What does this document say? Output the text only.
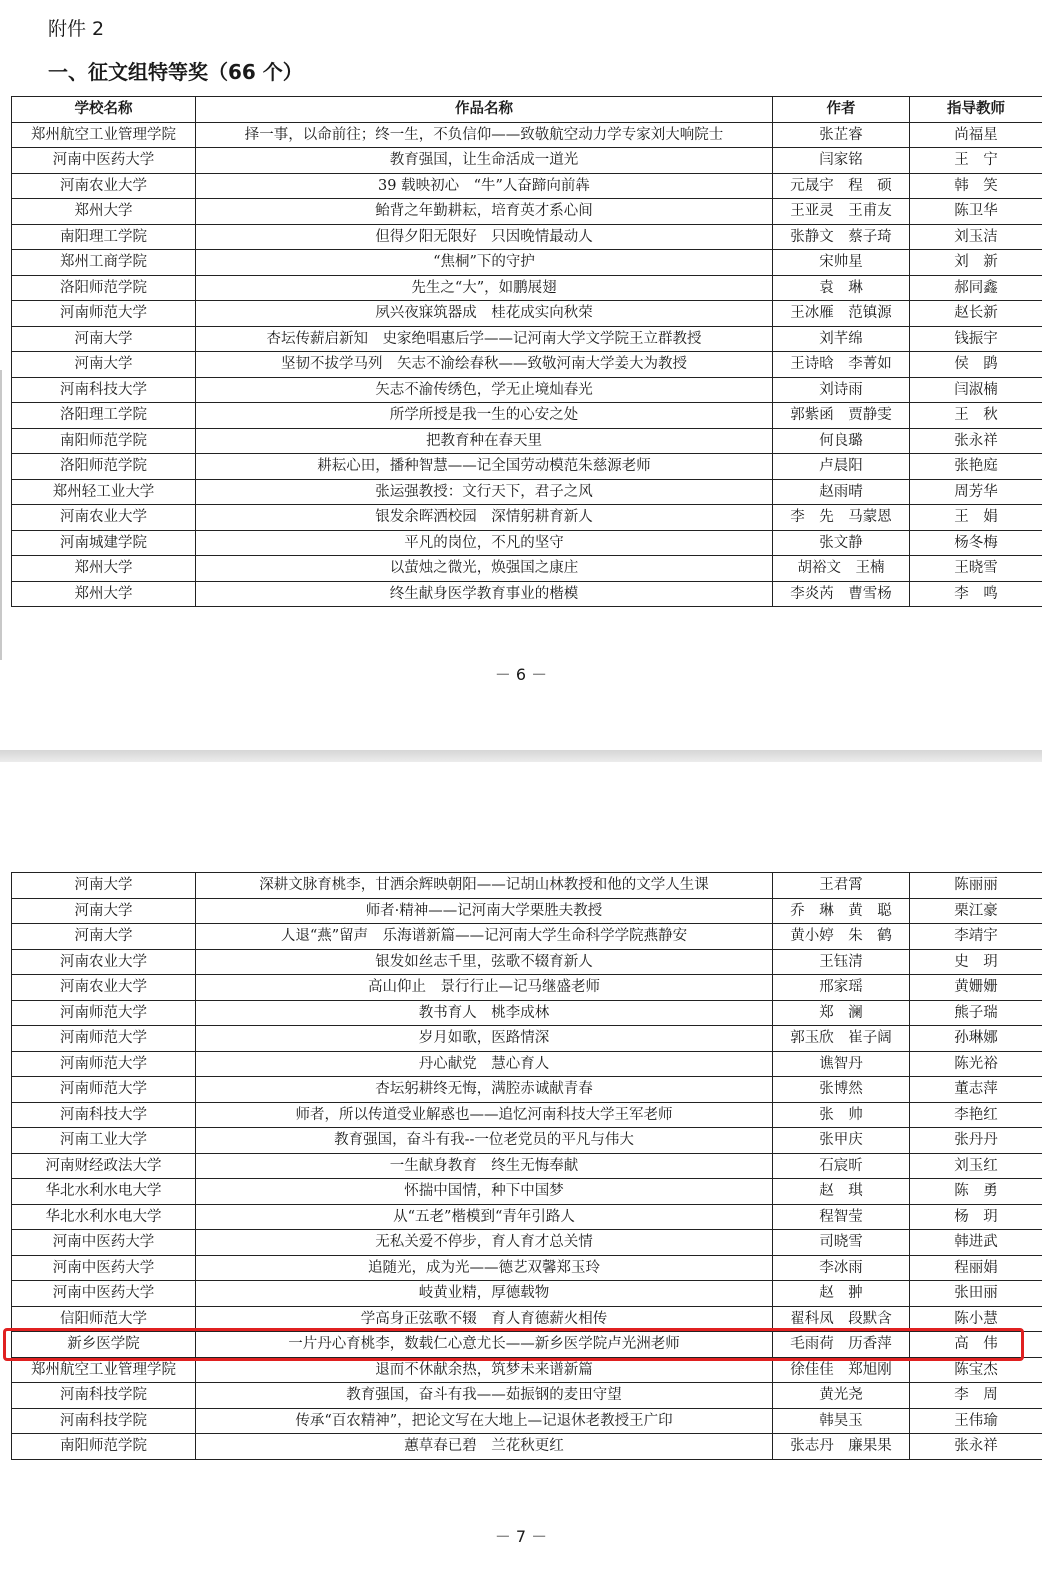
附件 2
一、征文组特等奖（66 个）
学校名称	作品名称	作者	指导教师
郑州航空工业管理学院	择一事，以命前往；终一生，不负信仰——致敬航空动力学专家刘大响院士	张芷睿	尚福星
河南中医药大学	教育强国，让生命活成一道光	闫家铭	王　宁
河南农业大学	39 载映初心　“牛”人奋蹄向前犇	元晟宇　程　硕	韩　笑
郑州大学	鲐背之年勤耕耘，培育英才系心间	王亚灵　王甫友	陈卫华
南阳理工学院	但得夕阳无限好　只因晚情最动人	张静文　蔡子琦	刘玉洁
郑州工商学院	“焦桐”下的守护	宋帅星	刘　新
洛阳师范学院	先生之“大”，如鹏展翅	袁　琳	郝同鑫
河南师范大学	夙兴夜寐筑器成　桂花成实向秋荣	王冰雁　范镇源	赵长新
河南大学	杏坛传薪启新知　史家绝唱惠后学——记河南大学文学院王立群教授	刘芊绵	钱振宇
河南大学	坚韧不拔学马列　矢志不渝绘春秋——致敬河南大学姜大为教授	王诗晗　李菁如	侯　鹍
河南科技大学	矢志不渝传绣色，学无止境灿春光	刘诗雨	闫淑楠
洛阳理工学院	所学所授是我一生的心安之处	郭紫函　贾静雯	王　秋
南阳师范学院	把教育种在春天里	何良璐	张永祥
洛阳师范学院	耕耘心田，播种智慧——记全国劳动模范朱慈源老师	卢晨阳	张艳庭
郑州轻工业大学	张运强教授：文行天下，君子之风	赵雨晴	周芳华
河南农业大学	银发余晖洒校园　深情躬耕育新人	李　先　马蒙恩	王　娟
河南城建学院	平凡的岗位，不凡的坚守	张文静	杨冬梅
郑州大学	以萤烛之微光，焕强国之康庄	胡裕文　王楠	王晓雪
郑州大学	终生献身医学教育事业的楷模	李炎芮　曹雪杨	李　鸣
－ 6 －
河南大学	深耕文脉育桃李，甘洒余辉映朝阳——记胡山林教授和他的文学人生课	王君霄	陈丽丽
河南大学	师者·精神——记河南大学栗胜夫教授	乔　琳　黄　聪	栗江豪
河南大学	人退“燕”留声　乐海谱新篇——记河南大学生命科学学院燕静安	黄小婷　朱　鹤	李靖宇
河南农业大学	银发如丝志千里，弦歌不辍育新人	王钰清	史　玥
河南农业大学	高山仰止　景行行止—记马继盛老师	邢家瑶	黄姗姗
河南师范大学	教书育人　桃李成林	郑　澜	熊子瑞
河南师范大学	岁月如歌，医路情深	郭玉欣　崔子阔	孙琳娜
河南师范大学	丹心献党　慧心育人	谯智丹	陈光裕
河南师范大学	杏坛躬耕终无悔，满腔赤诚献青春	张博然	董志萍
河南科技大学	师者，所以传道受业解惑也——追忆河南科技大学王军老师	张　帅	李艳红
河南工业大学	教育强国，奋斗有我--一位老党员的平凡与伟大	张甲庆	张丹丹
河南财经政法大学	一生献身教育　终生无悔奉献	石宸昕	刘玉红
华北水利水电大学	怀揣中国情，种下中国梦	赵　琪	陈　勇
华北水利水电大学	从“五老”楷模到“青年引路人	程智莹	杨　玥
河南中医药大学	无私关爱不停步，育人育才总关情	司晓雪	韩进武
河南中医药大学	追随光，成为光——德艺双馨郑玉玲	李冰雨	程丽娟
河南中医药大学	岐黄业精，厚德载物	赵　翀	张田丽
信阳师范大学	学高身正弦歌不辍　育人育德薪火相传	翟科凤　段默含	陈小慧
新乡医学院	一片丹心育桃李，数载仁心意尤长——新乡医学院卢光洲老师	毛雨荷　历香萍	高　伟
郑州航空工业管理学院	退而不休献余热，筑梦未来谱新篇	徐佳佳　郑旭刚	陈宝杰
河南科技学院	教育强国，奋斗有我——茹振钢的麦田守望	黄光尧	李　周
河南科技学院	传承“百农精神”，把论文写在大地上—记退休老教授王广印	韩昊玉	王伟瑜
南阳师范学院	蕙草春已碧　兰花秋更红	张志丹　廉果果	张永祥
－ 7 －
